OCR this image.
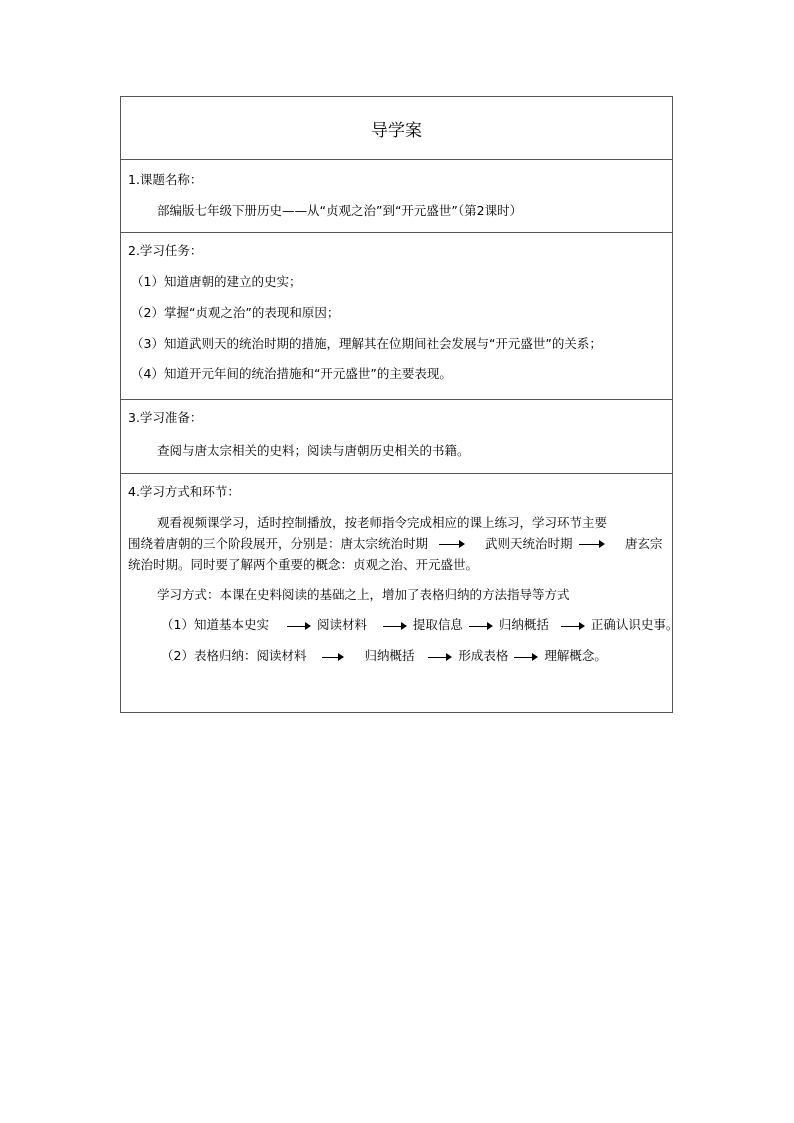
导学案
1.课题名称：
部编版七年级下册历史——从“贞观之治”到“开元盛世”（第2课时）
2.学习任务：
（1）知道唐朝的建立的史实；
（2）掌握“贞观之治”的表现和原因；
（3）知道武则天的统治时期的措施，理解其在位期间社会发展与“开元盛世”的关系；
（4）知道开元年间的统治措施和“开元盛世”的主要表现。
3.学习准备：
查阅与唐太宗相关的史料；阅读与唐朝历史相关的书籍。
4.学习方式和环节：
观看视频课学习，适时控制播放，按老师指令完成相应的课上练习，学习环节主要
围绕着唐朝的三个阶段展开，分别是：唐太宗统治时期	武则天统治时期	唐玄宗
统治时期。同时要了解两个重要的概念：贞观之治、开元盛世。
学习方式：本课在史料阅读的基础之上，增加了表格归纳的方法指导等方式
（1）知道基本史实	阅读材料	提取信息	归纳概括	正确认识史事。
（2）表格归纳：阅读材料	归纳概括	形成表格	理解概念。
